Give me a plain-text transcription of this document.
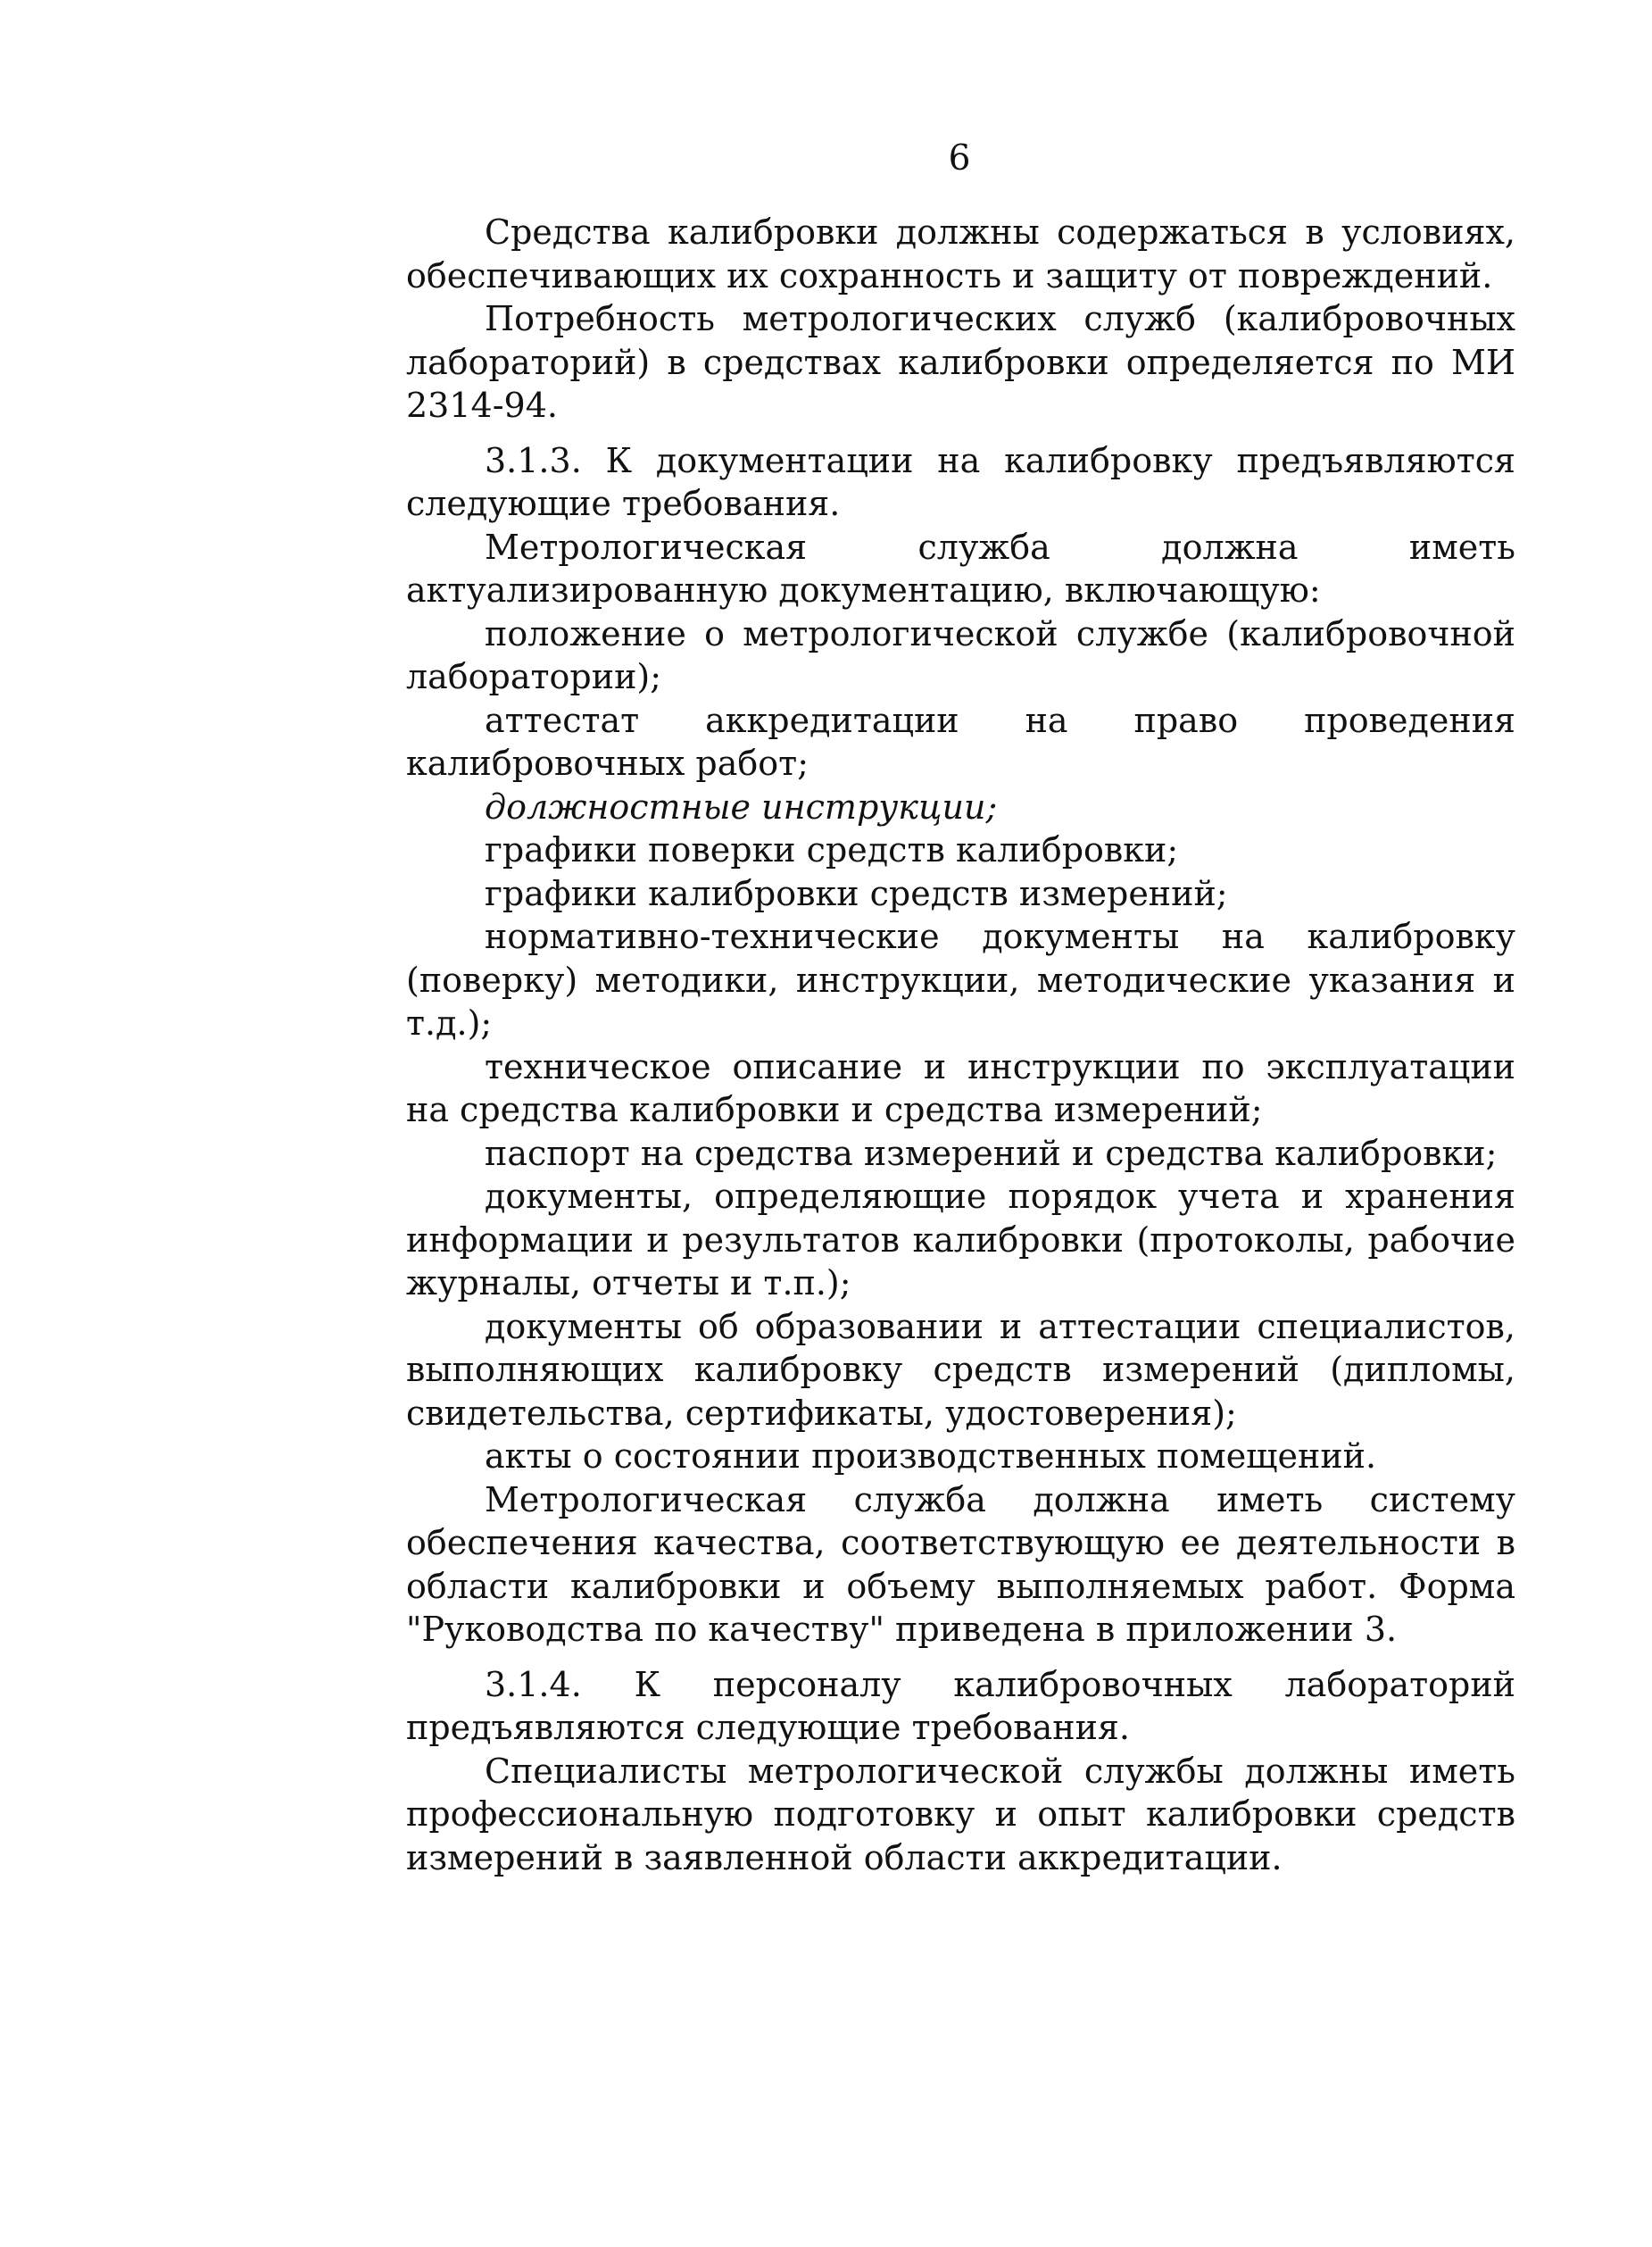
6

Средства калибровки должны содержаться в условиях, обеспечивающих их сохранность и защиту от повреждений.

Потребность метрологических служб (калибровочных лабораторий) в средствах калибровки определяется по МИ 2314-94.

3.1.3. К документации на калибровку предъявляются следующие требования.

Метрологическая служба должна иметь актуализированную документацию, включающую:

положение о метрологической службе (калибровочной лаборатории);

аттестат аккредитации на право проведения калибровочных работ;

должностные инструкции;

графики поверки средств калибровки;

графики калибровки средств измерений;

нормативно-технические документы на калибровку (поверку) методики, инструкции, методические указания и т.д.);

техническое описание и инструкции по эксплуатации на средства калибровки и средства измерений;

паспорт на средства измерений и средства калибровки;

документы, определяющие порядок учета и хранения информации и результатов калибровки (протоколы, рабочие журналы, отчеты и т.п.);

документы об образовании и аттестации специалистов, выполняющих калибровку средств измерений (дипломы, свидетельства, сертификаты, удостоверения);

акты о состоянии производственных помещений.

Метрологическая служба должна иметь систему обеспечения качества, соответствующую ее деятельности в области калибровки и объему выполняемых работ. Форма "Руководства по качеству" приведена в приложении 3.

3.1.4. К персоналу калибровочных лабораторий предъявляются следующие требования.

Специалисты метрологической службы должны иметь профессиональную подготовку и опыт калибровки средств измерений в заявленной области аккредитации.
